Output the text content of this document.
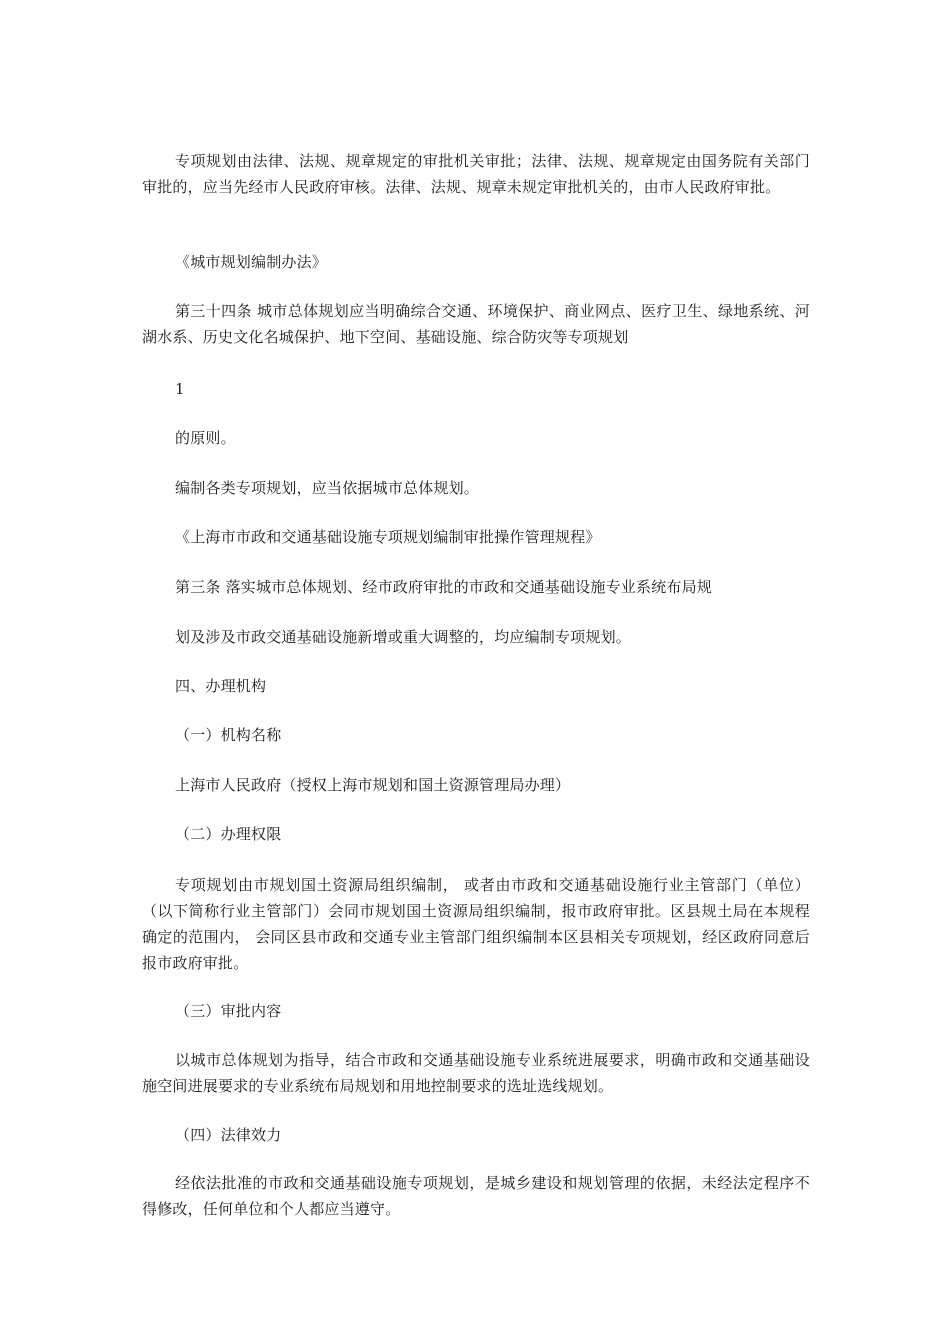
专项规划由法律、法规、规章规定的审批机关审批；法律、法规、规章规定由国务院有关部门审批的，应当先经市人民政府审核。法律、法规、规章未规定审批机关的，由市人民政府审批。

《城市规划编制办法》

第三十四条 城市总体规划应当明确综合交通、环境保护、商业网点、医疗卫生、绿地系统、河湖水系、历史文化名城保护、地下空间、基础设施、综合防灾等专项规划

1

的原则。

编制各类专项规划，应当依据城市总体规划。

《上海市市政和交通基础设施专项规划编制审批操作管理规程》

第三条 落实城市总体规划、经市政府审批的市政和交通基础设施专业系统布局规

划及涉及市政交通基础设施新增或重大调整的，均应编制专项规划。

四、办理机构

（一）机构名称

上海市人民政府（授权上海市规划和国土资源管理局办理）

（二）办理权限

专项规划由市规划国土资源局组织编制， 或者由市政和交通基础设施行业主管部门（单位）（以下简称行业主管部门）会同市规划国土资源局组织编制，报市政府审批。区县规土局在本规程确定的范围内， 会同区县市政和交通专业主管部门组织编制本区县相关专项规划，经区政府同意后报市政府审批。

（三）审批内容

以城市总体规划为指导，结合市政和交通基础设施专业系统进展要求，明确市政和交通基础设施空间进展要求的专业系统布局规划和用地控制要求的选址选线规划。

（四）法律效力

经依法批准的市政和交通基础设施专项规划，是城乡建设和规划管理的依据，未经法定程序不得修改，任何单位和个人都应当遵守。
